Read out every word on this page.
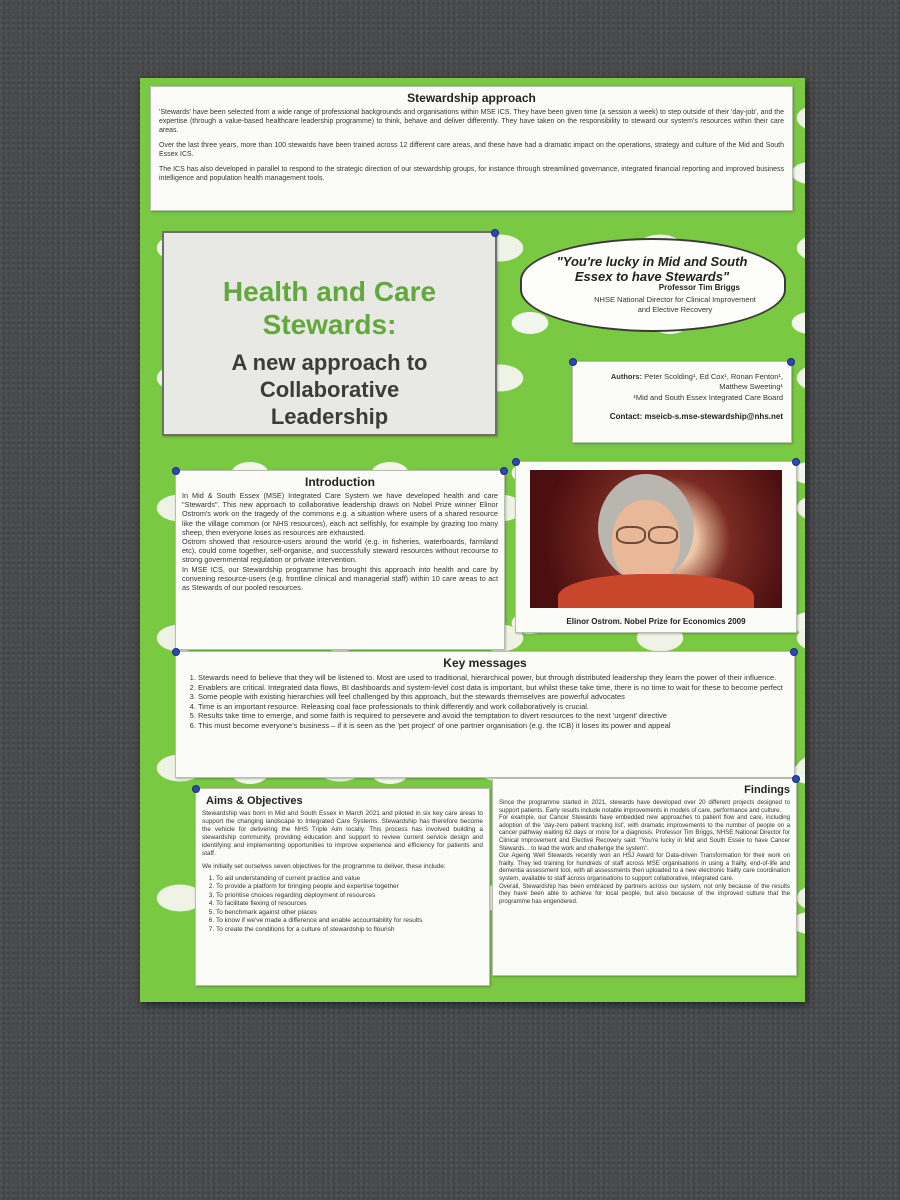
Stewardship approach

'Stewards' have been selected from a wide range of professional backgrounds and organisations within MSE ICS. They have been given time (a session a week) to step outside of their 'day-job', and the expertise (through a value-based healthcare leadership programme) to think, behave and deliver differently. They have taken on the responsibility to steward our system's resources within their care areas.

Over the last three years, more than 100 stewards have been trained across 12 different care areas, and these have had a dramatic impact on the operations, strategy and culture of the Mid and South Essex ICS.

The ICS has also developed in parallel to respond to the strategic direction of our stewardship groups, for instance through streamlined governance, integrated financial reporting and improved business intelligence and population health management tools.

Health and Care Stewards:
A new approach to Collaborative Leadership
"You're lucky in Mid and South Essex to have Stewards"
Professor Tim Briggs
NHSE National Director for Clinical Improvement and Elective Recovery
Authors: Peter Scolding¹, Ed Cox¹, Ronan Fenton¹, Matthew Sweeting¹
¹Mid and South Essex Integrated Care Board
Contact: mseicb-s.mse-stewardship@nhs.net
Introduction

In Mid & South Essex (MSE) Integrated Care System we have developed health and care "Stewards". This new approach to collaborative leadership draws on Nobel Prize winner Elinor Ostrom's work on the tragedy of the commons e.g. a situation where users of a shared resource like the village common (or NHS resources), each act selfishly, for example by grazing too many sheep, then everyone loses as resources are exhausted.

Ostrom showed that resource-users around the world (e.g. in fisheries, waterboards, farmland etc), could come together, self-organise, and successfully steward resources without recourse to strong governmental regulation or private intervention.

In MSE ICS, our Stewardship programme has brought this approach into health and care by convening resource-users (e.g. frontline clinical and managerial staff) within 10 care areas to act as Stewards of our pooled resources.

Elinor Ostrom. Nobel Prize for Economics 2009
Key messages
1. Stewards need to believe that they will be listened to. Most are used to traditional, hierarchical power, but through distributed leadership they learn the power of their influence.
2. Enablers are critical. Integrated data flows, BI dashboards and system-level cost data is important, but whilst these take time, there is no time to wait for these to become perfect
3. Some people with existing hierarchies will feel challenged by this approach, but the stewards themselves are powerful advocates
4. Time is an important resource. Releasing coal face professionals to think differently and work collaboratively is crucial.
5. Results take time to emerge, and some faith is required to persevere and avoid the temptation to divert resources to the next 'urgent' directive
6. This must become everyone's business – if it is seen as the 'pet project' of one partner organisation (e.g. the ICB) it loses its power and appeal
Aims & Objectives

Stewardship was born in Mid and South Essex in March 2021 and piloted in six key care areas to support the changing landscape to Integrated Care Systems. Stewardship has therefore become the vehicle for delivering the NHS Triple Aim locally. This process has involved building a stewardship community, providing education and support to review current service design and identifying and implementing opportunities to improve experience and efficiency for patients and staff.

We initially set ourselves seven objectives for the programme to deliver, these include:

1. To aid understanding of current practice and value
2. To provide a platform for bringing people and expertise together
3. To prioritise choices regarding deployment of resources
4. To facilitate flexing of resources
5. To benchmark against other places
6. To know if we've made a difference and enable accountability for results
7. To create the conditions for a culture of stewardship to flourish
Findings

Since the programme started in 2021, stewards have developed over 20 different projects designed to support patients. Early results include notable improvements in models of care, performance and culture.

For example, our Cancer Stewards have embedded new approaches to patient flow and care, including adoption of the 'day-zero patient tracking list', with dramatic improvements to the number of people on a cancer pathway waiting 62 days or more for a diagnosis. Professor Tim Briggs, NHSE National Director for Clinical Improvement and Elective Recovery said: "You're lucky in Mid and South Essex to have Cancer Stewards... to lead the work and challenge the system".

Our Ageing Well Stewards recently won an HSJ Award for Data-driven Transformation for their work on frailty. They led training for hundreds of staff across MSE organisations in using a frailty, end-of-life and dementia assessment tool, with all assessments then uploaded to a new electronic frailty care coordination system, available to staff across organisations to support collaborative, integrated care.

Overall, Stewardship has been embraced by partners across our system, not only because of the results they have been able to achieve for local people, but also because of the improved culture that the programme has engendered.
